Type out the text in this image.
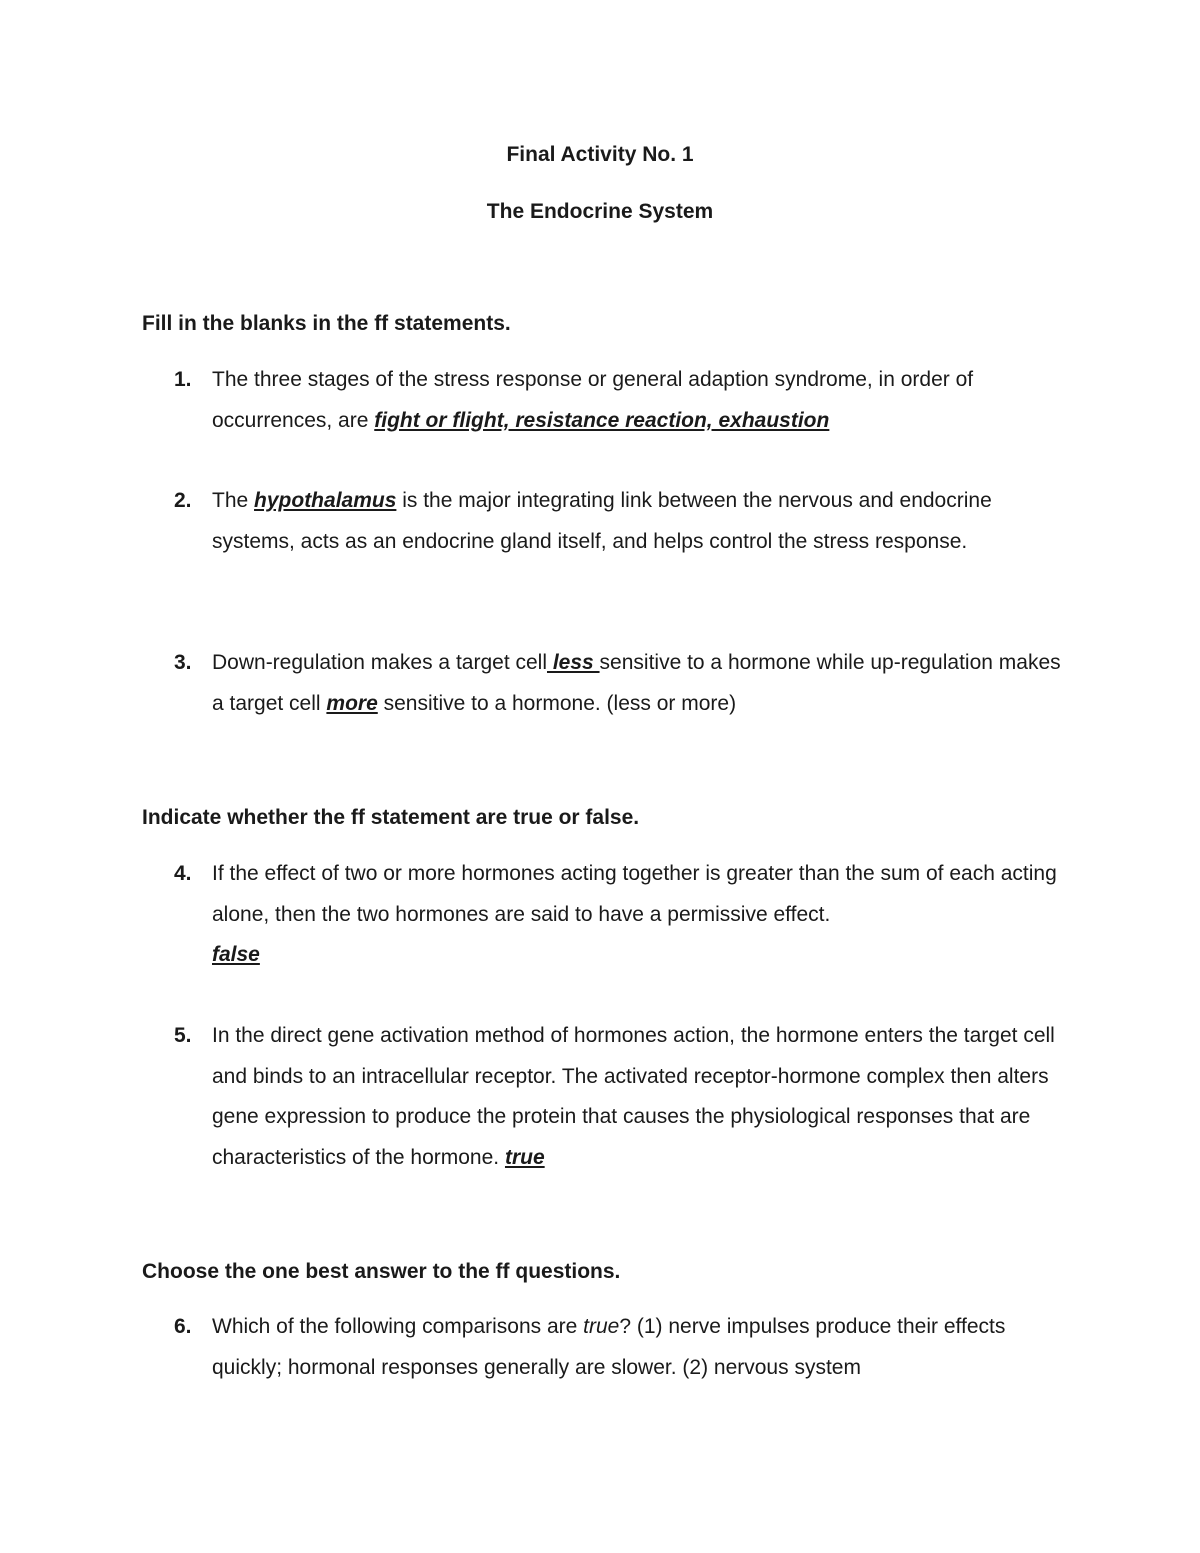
Final Activity No. 1
The Endocrine System
Fill in the blanks in the ff statements.
1. The three stages of the stress response or general adaption syndrome, in order of occurrences, are fight or flight, resistance reaction, exhaustion
2. The hypothalamus is the major integrating link between the nervous and endocrine systems, acts as an endocrine gland itself, and helps control the stress response.
3. Down-regulation makes a target cell less sensitive to a hormone while up-regulation makes a target cell more sensitive to a hormone. (less or more)
Indicate whether the ff statement are true or false.
4. If the effect of two or more hormones acting together is greater than the sum of each acting alone, then the two hormones are said to have a permissive effect.
false
5. In the direct gene activation method of hormones action, the hormone enters the target cell and binds to an intracellular receptor. The activated receptor-hormone complex then alters gene expression to produce the protein that causes the physiological responses that are characteristics of the hormone. true
Choose the one best answer to the ff questions.
6. Which of the following comparisons are true? (1) nerve impulses produce their effects quickly; hormonal responses generally are slower. (2) nervous system
